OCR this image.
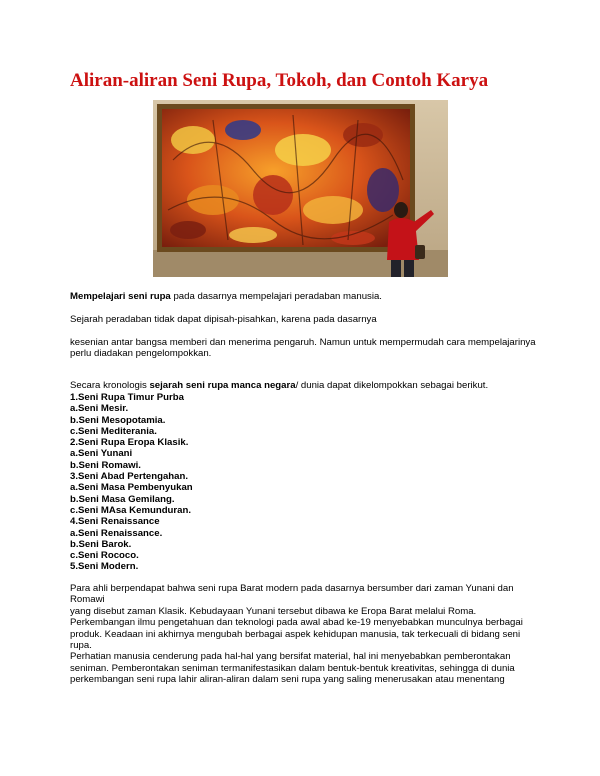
Aliran-aliran Seni Rupa, Tokoh, dan Contoh Karya

Mempelajari seni rupa pada dasarnya mempelajari peradaban manusia.

Sejarah peradaban tidak dapat dipisah-pisahkan, karena pada dasarnya

kesenian antar bangsa memberi dan menerima pengaruh. Namun untuk mempermudah cara mempelajarinya perlu diadakan pengelompokkan.

Secara kronologis sejarah seni rupa manca negara/ dunia dapat dikelompokkan sebagai berikut.

1.Seni Rupa Timur Purba
a.Seni Mesir.
b.Seni Mesopotamia.
c.Seni Mediterania.
2.Seni Rupa Eropa Klasik.
a.Seni Yunani
b.Seni Romawi.
3.Seni Abad Pertengahan.
a.Seni Masa Pembenyukan
b.Seni Masa Gemilang.
c.Seni MAsa Kemunduran.
4.Seni Renaissance
a.Seni Renaissance.
b.Seni Barok.
c.Seni Rococo.
5.Seni Modern.
Para ahli berpendapat bahwa seni rupa Barat modern pada dasarnya bersumber dari zaman Yunani dan Romawi
yang disebut zaman Klasik. Kebudayaan Yunani tersebut dibawa ke Eropa Barat melalui Roma.
Perkembangan ilmu pengetahuan dan teknologi pada awal abad ke-19 menyebabkan munculnya berbagai
produk. Keadaan ini akhirnya mengubah berbagai aspek kehidupan manusia, tak terkecuali di bidang seni rupa.
Perhatian manusia cenderung pada hal-hal yang bersifat material, hal ini menyebabkan pemberontakan
seniman. Pemberontakan seniman termanifestasikan dalam bentuk-bentuk kreativitas, sehingga di dunia
perkembangan seni rupa lahir aliran-aliran dalam seni rupa yang saling menerusakan atau menentang
